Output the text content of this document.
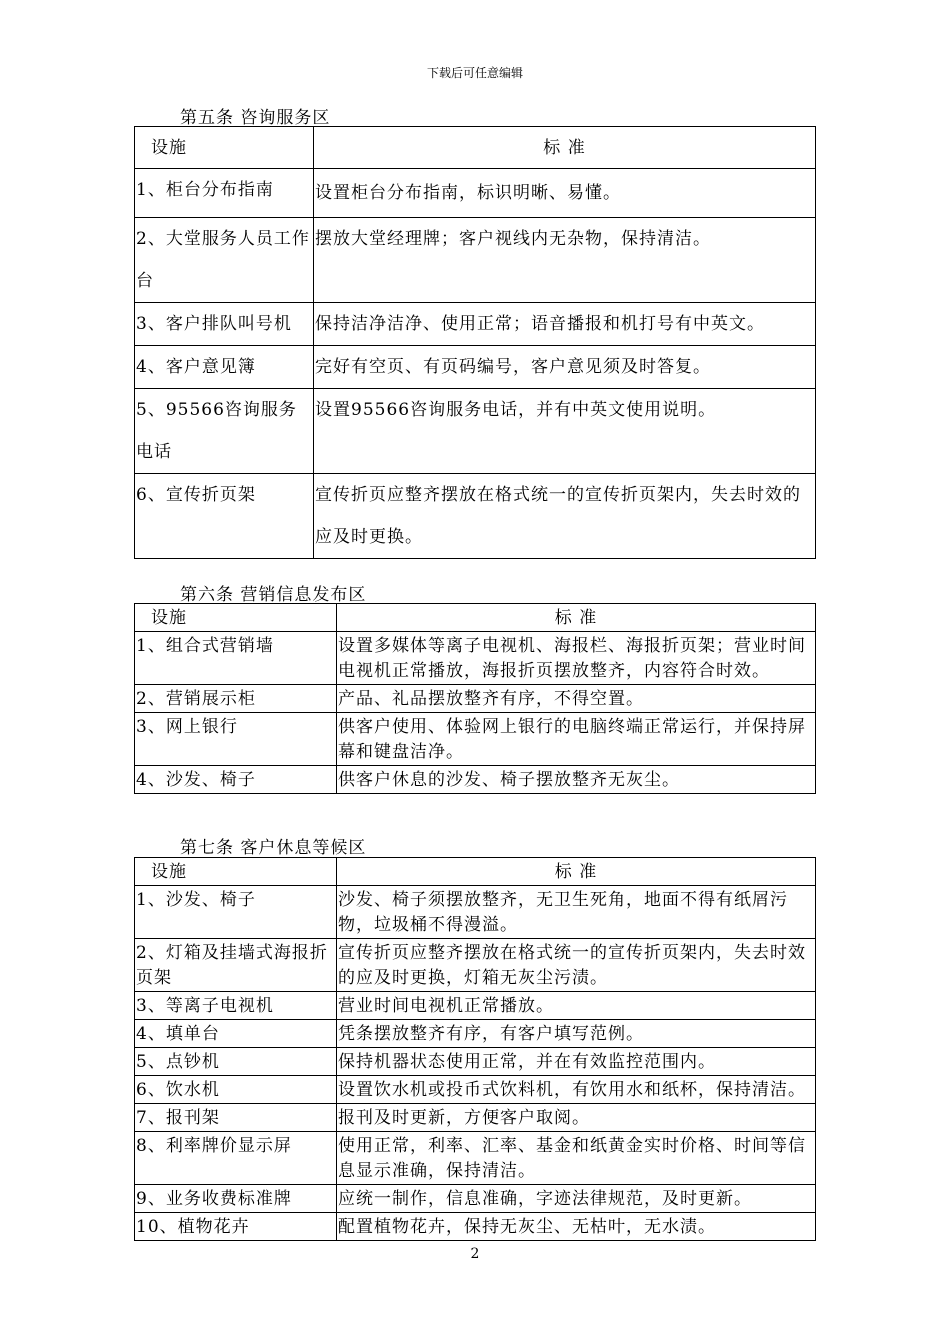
下载后可任意编辑
第五条 咨询服务区
设施	标 准
1、柜台分布指南	设置柜台分布指南，标识明晰、易懂。
2、大堂服务人员工作台	摆放大堂经理牌；客户视线内无杂物，保持清洁。
3、客户排队叫号机	保持洁净洁净、使用正常；语音播报和机打号有中英文。
4、客户意见簿	完好有空页、有页码编号，客户意见须及时答复。
5、95566咨询服务电话	设置95566咨询服务电话，并有中英文使用说明。
6、宣传折页架	宣传折页应整齐摆放在格式统一的宣传折页架内，失去时效的应及时更换。
第六条 营销信息发布区
设施	标 准
1、组合式营销墙	设置多媒体等离子电视机、海报栏、海报折页架；营业时间电视机正常播放，海报折页摆放整齐，内容符合时效。
2、营销展示柜	产品、礼品摆放整齐有序，不得空置。
3、网上银行	供客户使用、体验网上银行的电脑终端正常运行，并保持屏幕和键盘洁净。
4、沙发、椅子	供客户休息的沙发、椅子摆放整齐无灰尘。
第七条 客户休息等候区
设施	标 准
1、沙发、椅子	沙发、椅子须摆放整齐，无卫生死角，地面不得有纸屑污物，垃圾桶不得漫溢。
2、灯箱及挂墙式海报折页架	宣传折页应整齐摆放在格式统一的宣传折页架内，失去时效的应及时更换，灯箱无灰尘污渍。
3、等离子电视机	营业时间电视机正常播放。
4、填单台	凭条摆放整齐有序，有客户填写范例。
5、点钞机	保持机器状态使用正常，并在有效监控范围内。
6、饮水机	设置饮水机或投币式饮料机，有饮用水和纸杯，保持清洁。
7、报刊架	报刊及时更新，方便客户取阅。
8、利率牌价显示屏	使用正常，利率、汇率、基金和纸黄金实时价格、时间等信息显示准确，保持清洁。
9、业务收费标准牌	应统一制作，信息准确，字迹法律规范，及时更新。
10、植物花卉	配置植物花卉，保持无灰尘、无枯叶，无水渍。
2
